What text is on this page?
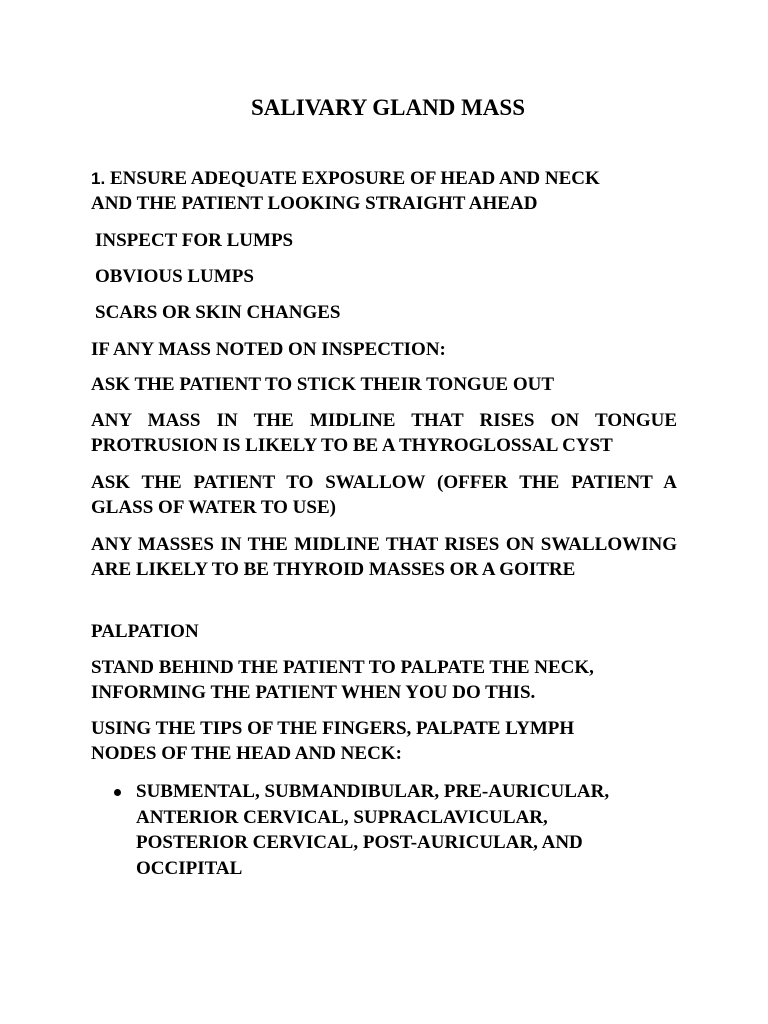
SALIVARY GLAND MASS
1. ENSURE ADEQUATE EXPOSURE OF HEAD AND NECK
AND THE PATIENT LOOKING STRAIGHT AHEAD
INSPECT FOR LUMPS
OBVIOUS LUMPS
SCARS OR SKIN CHANGES
IF ANY MASS NOTED ON INSPECTION:
ASK THE PATIENT TO STICK THEIR TONGUE OUT
ANY MASS IN THE MIDLINE THAT RISES ON TONGUE PROTRUSION IS LIKELY TO BE A THYROGLOSSAL CYST
ASK THE PATIENT TO SWALLOW (OFFER THE PATIENT A GLASS OF WATER TO USE)
ANY MASSES IN THE MIDLINE THAT RISES ON SWALLOWING ARE LIKELY TO BE THYROID MASSES OR A GOITRE
PALPATION
STAND BEHIND THE PATIENT TO PALPATE THE NECK,
INFORMING THE PATIENT WHEN YOU DO THIS.
USING THE TIPS OF THE FINGERS, PALPATE LYMPH
NODES OF THE HEAD AND NECK:
SUBMENTAL, SUBMANDIBULAR, PRE-AURICULAR,
ANTERIOR CERVICAL, SUPRACLAVICULAR,
POSTERIOR CERVICAL, POST-AURICULAR, AND
OCCIPITAL
